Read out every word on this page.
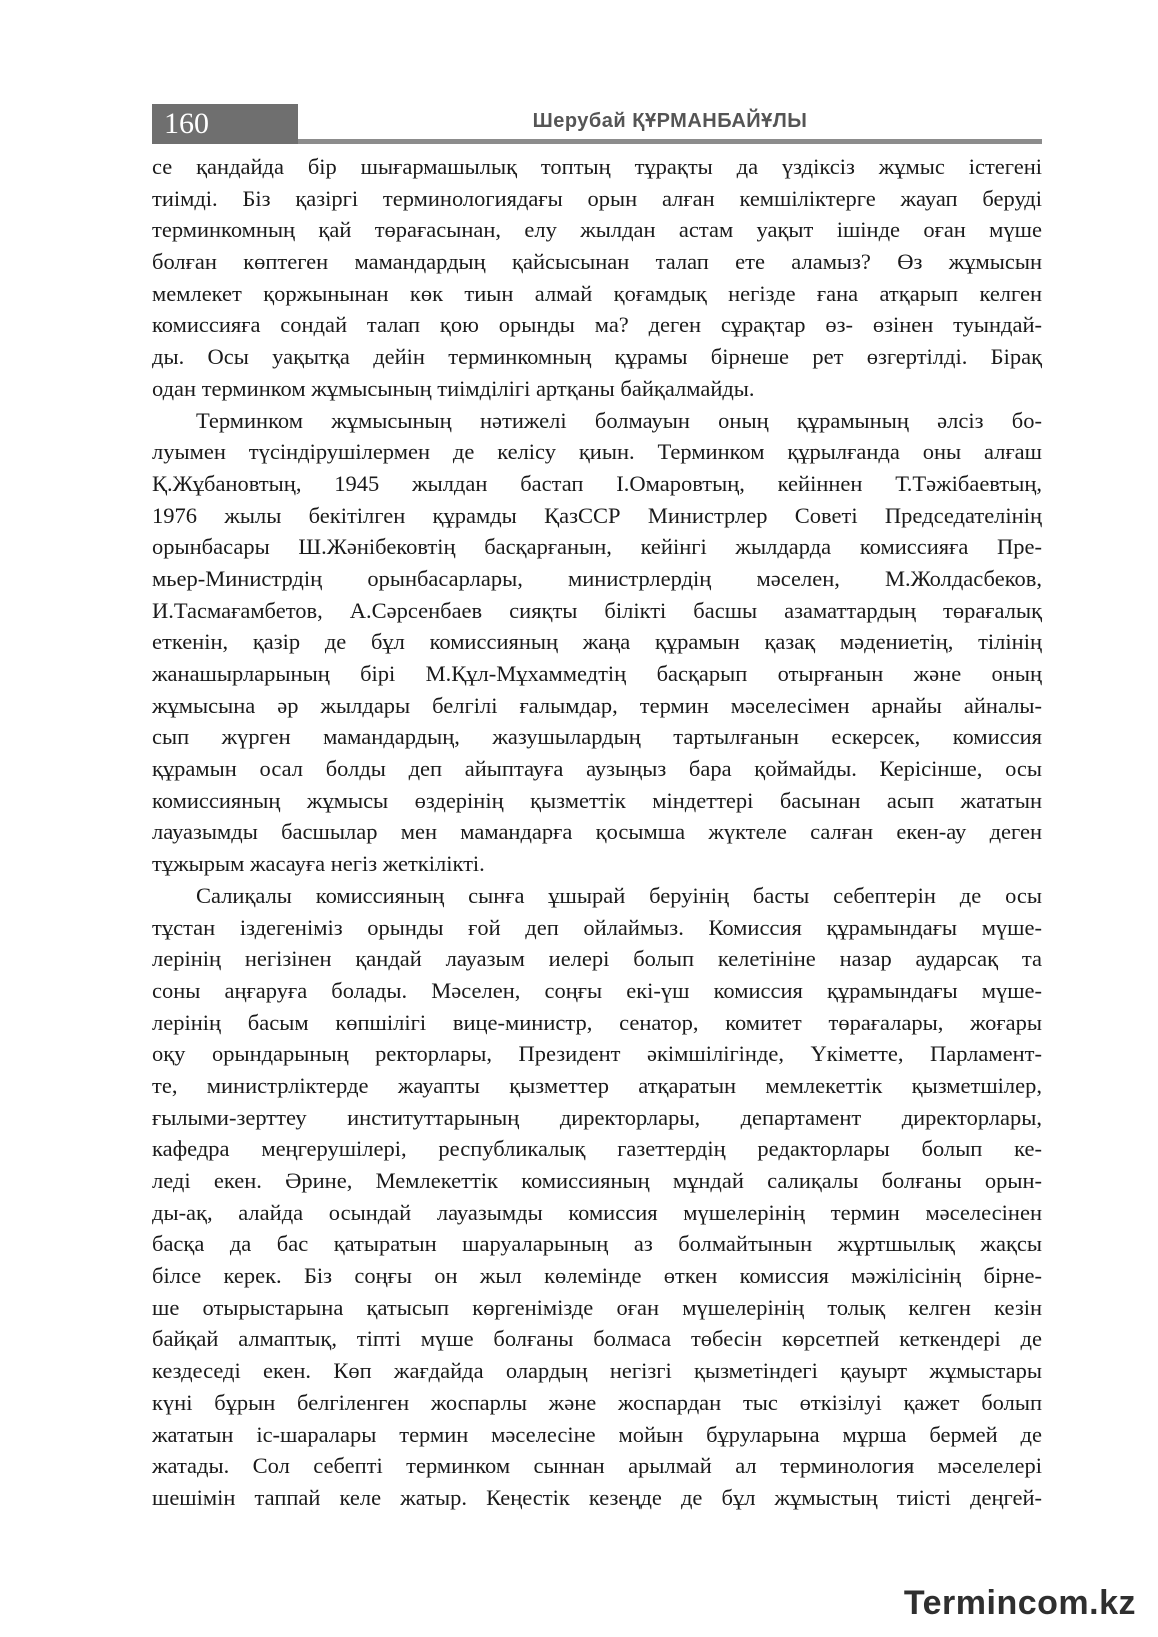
160	Шерубай ҚҰРМАНБАЙҰЛЫ
се қандайда бір шығармашылық топтың тұрақты да үздіксіз жұмыс істегені
тиімді. Біз қазіргі терминологиядағы орын алған кемшіліктерге жауап беруді
терминкомның қай төрағасынан, елу жылдан астам уақыт ішінде оған мүше
болған көптеген мамандардың қайсысынан талап ете аламыз? Өз жұмысын
мемлекет қоржынынан көк тиын алмай қоғамдық негізде ғана атқарып келген
комиссияға сондай талап қою орынды ма? деген сұрақтар өз- өзінен туындай-
ды. Осы уақытқа дейін терминкомның құрамы бірнеше рет өзгертілді. Бірақ
одан терминком жұмысының тиімділігі артқаны байқалмайды.
Терминком жұмысының нәтижелі болмауын оның құрамының әлсіз бо-
луымен түсіндірушілермен де келісу қиын. Терминком құрылғанда оны алғаш
Қ.Жұбановтың, 1945 жылдан бастап І.Омаровтың, кейіннен Т.Тәжібаевтың,
1976 жылы бекітілген құрамды ҚазССР Министрлер Советі Председателінің
орынбасары Ш.Жәнібековтің басқарғанын, кейінгі жылдарда комиссияға Пре-
мьер-Министрдің орынбасарлары, министрлердің мәселен, М.Жолдасбеков,
И.Тасмағамбетов, А.Сәрсенбаев сияқты білікті басшы азаматтардың төрағалық
еткенін, қазір де бұл комиссияның жаңа құрамын қазақ мәдениетің, тілінің
жанашырларының бірі М.Құл-Мұхаммедтің басқарып отырғанын және оның
жұмысына әр жылдары белгілі ғалымдар, термин мәселесімен арнайы айналы-
сып жүрген мамандардың, жазушылардың тартылғанын ескерсек, комиссия
құрамын осал болды деп айыптауға аузыңыз бара қоймайды. Керісінше, осы
комиссияның жұмысы өздерінің қызметтік міндеттері басынан асып жататын
лауазымды басшылар мен мамандарға қосымша жүктеле салған екен-ау деген
тұжырым жасауға негіз жеткілікті.
Салиқалы комиссияның сынға ұшырай беруінің басты себептерін де осы
тұстан іздегеніміз орынды ғой деп ойлаймыз. Комиссия құрамындағы мүше-
лерінің негізінен қандай лауазым иелері болып келетініне назар аударсақ та
соны аңғаруға болады. Мәселен, соңғы екі-үш комиссия құрамындағы мүше-
лерінің басым көпшілігі вице-министр, сенатор, комитет төрағалары, жоғары
оқу орындарының ректорлары, Президент әкімшілігінде, Үкіметте, Парламент-
те, министрліктерде жауапты қызметтер атқаратын мемлекеттік қызметшілер,
ғылыми-зерттеу институттарының директорлары, департамент директорлары,
кафедра меңгерушілері, республикалық газеттердің редакторлары болып ке-
леді екен. Әрине, Мемлекеттік комиссияның мұндай салиқалы болғаны орын-
ды-ақ, алайда осындай лауазымды комиссия мүшелерінің термин мәселесінен
басқа да бас қатыратын шаруаларының аз болмайтынын жұртшылық жақсы
білсе керек. Біз соңғы он жыл көлемінде өткен комиссия мәжілісінің бірне-
ше отырыстарына қатысып көргенімізде оған мүшелерінің толық келген кезін
байқай алмаптық, тіпті мүше болғаны болмаса төбесін көрсетпей кеткендері де
кездеседі екен. Көп жағдайда олардың негізгі қызметіндегі қауырт жұмыстары
күні бұрын белгіленген жоспарлы және жоспардан тыс өткізілуі қажет болып
жататын іс-шаралары термин мәселесіне мойын бұруларына мұрша бермей де
жатады. Сол себепті терминком сыннан арылмай ал терминология мәселелері
шешімін таппай келе жатыр. Кеңестік кезеңде де бұл жұмыстың тиісті деңгей-
Termincom.kz
